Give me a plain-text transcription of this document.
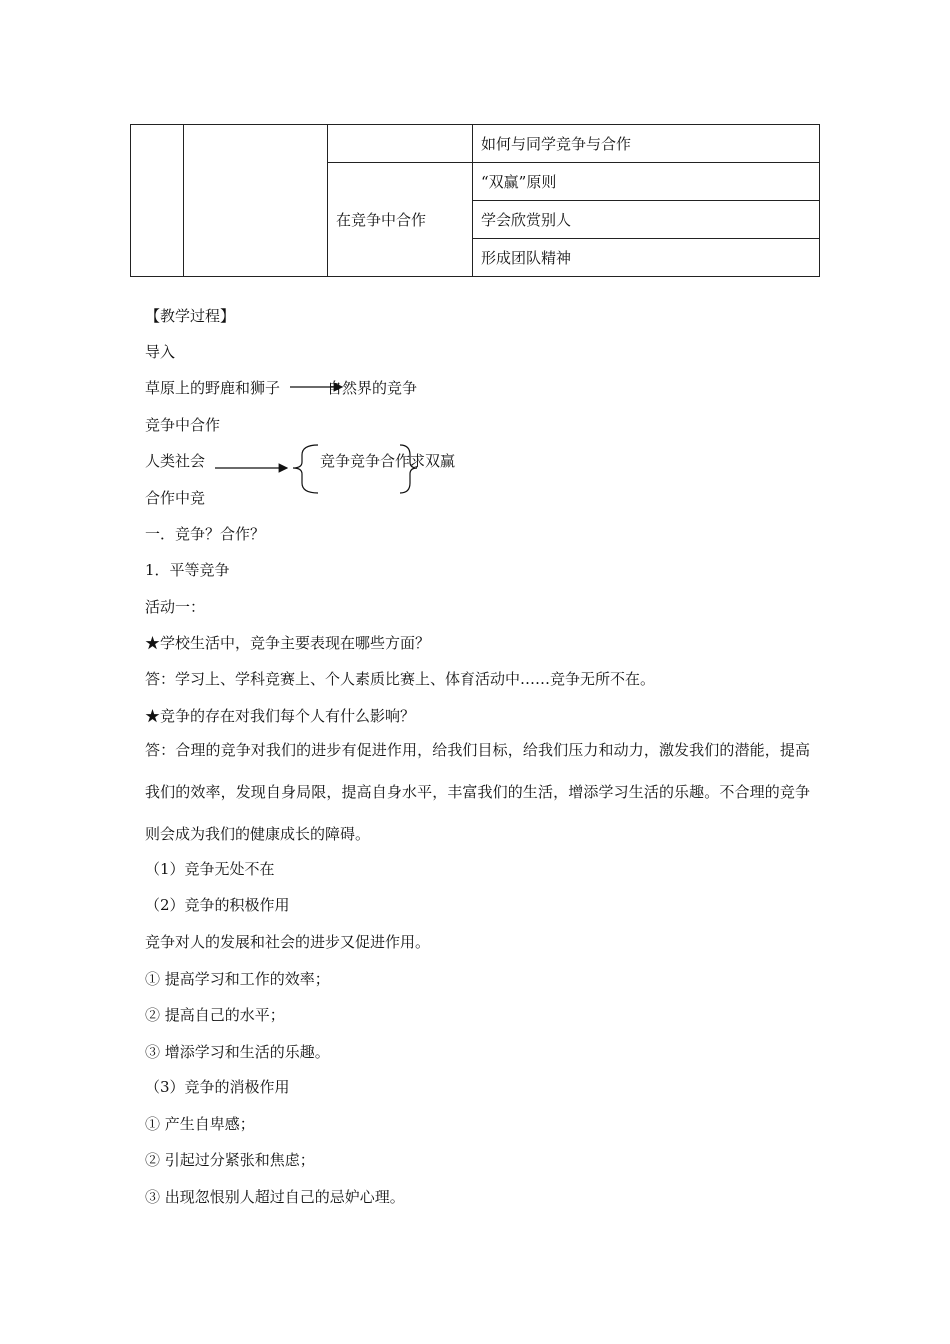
			如何与同学竞争与合作
		在竞争中合作	“双赢”原则
			学会欣赏别人
			形成团队精神
【教学过程】
导入
草原上的野鹿和狮子	自然界的竞争
竞争中合作
人类社会	竞争竞争合作求双赢
合作中竞
一．竞争？合作？
1．平等竞争
活动一：
★学校生活中，竞争主要表现在哪些方面？
答：学习上、学科竞赛上、个人素质比赛上、体育活动中……竞争无所不在。
★竞争的存在对我们每个人有什么影响？
答：合理的竞争对我们的进步有促进作用，给我们目标，给我们压力和动力，激发我们的潜能，提高我们的效率，发现自身局限，提高自身水平，丰富我们的生活，增添学习生活的乐趣。不合理的竞争则会成为我们的健康成长的障碍。
（1）竞争无处不在
（2）竞争的积极作用
竞争对人的发展和社会的进步又促进作用。
① 提高学习和工作的效率；
② 提高自己的水平；
③ 增添学习和生活的乐趣。
（3）竞争的消极作用
① 产生自卑感；
② 引起过分紧张和焦虑；
③ 出现忽恨别人超过自己的忌妒心理。
